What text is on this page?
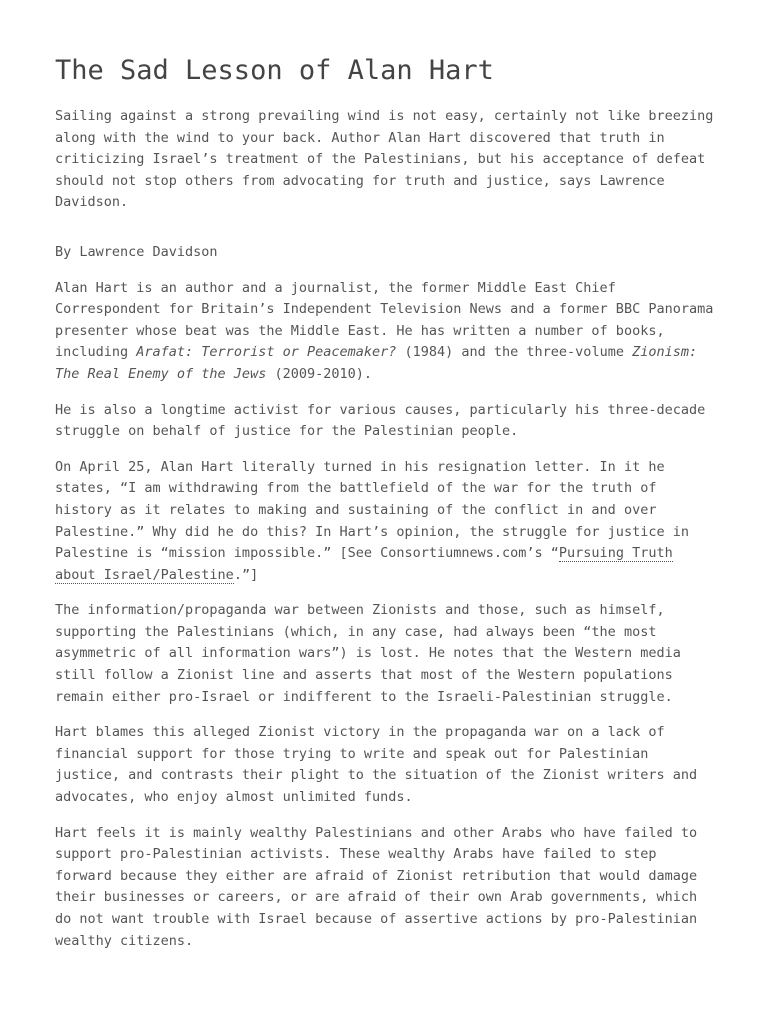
The Sad Lesson of Alan Hart

Sailing against a strong prevailing wind is not easy, certainly not like breezing along with the wind to your back. Author Alan Hart discovered that truth in criticizing Israel’s treatment of the Palestinians, but his acceptance of defeat should not stop others from advocating for truth and justice, says Lawrence Davidson.

By Lawrence Davidson

Alan Hart is an author and a journalist, the former Middle East Chief Correspondent for Britain’s Independent Television News and a former BBC Panorama presenter whose beat was the Middle East. He has written a number of books, including Arafat: Terrorist or Peacemaker? (1984) and the three-volume Zionism: The Real Enemy of the Jews (2009-2010).

He is also a longtime activist for various causes, particularly his three-decade struggle on behalf of justice for the Palestinian people.

On April 25, Alan Hart literally turned in his resignation letter. In it he states, “I am withdrawing from the battlefield of the war for the truth of history as it relates to making and sustaining of the conflict in and over Palestine.” Why did he do this? In Hart’s opinion, the struggle for justice in Palestine is “mission impossible.” [See Consortiumnews.com’s “Pursuing Truth about Israel/Palestine.”]

The information/propaganda war between Zionists and those, such as himself, supporting the Palestinians (which, in any case, had always been “the most asymmetric of all information wars”) is lost. He notes that the Western media still follow a Zionist line and asserts that most of the Western populations remain either pro-Israel or indifferent to the Israeli-Palestinian struggle.

Hart blames this alleged Zionist victory in the propaganda war on a lack of financial support for those trying to write and speak out for Palestinian justice, and contrasts their plight to the situation of the Zionist writers and advocates, who enjoy almost unlimited funds.

Hart feels it is mainly wealthy Palestinians and other Arabs who have failed to support pro-Palestinian activists. These wealthy Arabs have failed to step forward because they either are afraid of Zionist retribution that would damage their businesses or careers, or are afraid of their own Arab governments, which do not want trouble with Israel because of assertive actions by pro-Palestinian wealthy citizens.
